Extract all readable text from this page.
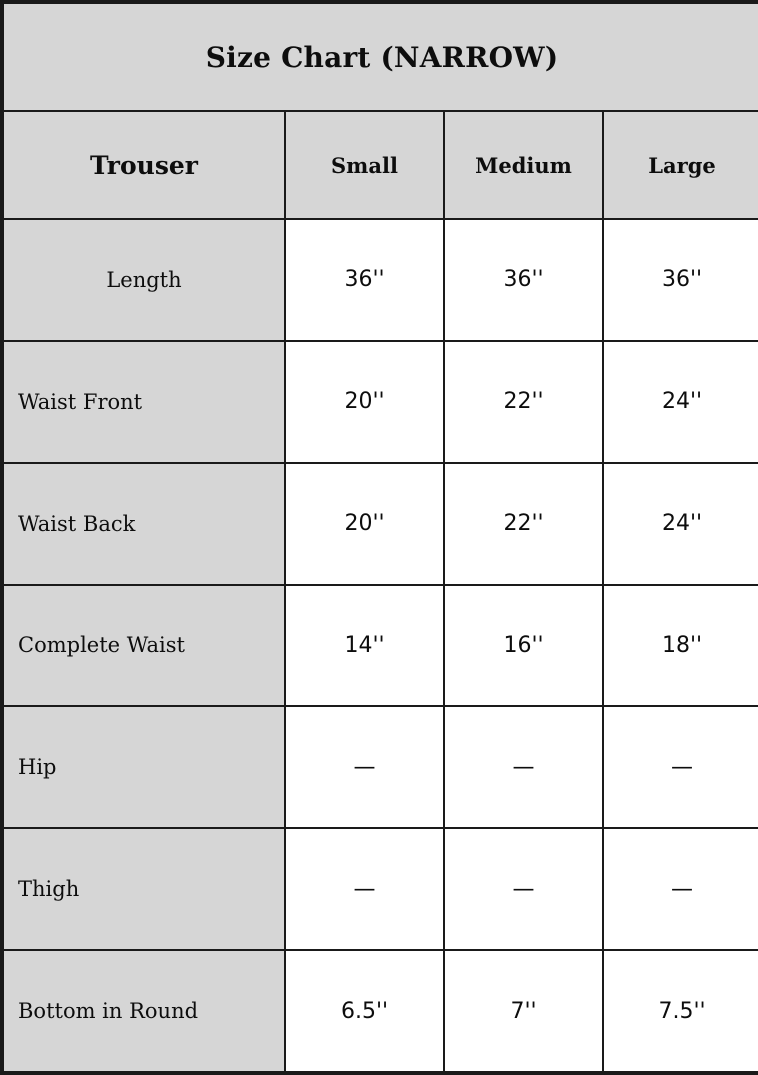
Size Chart (NARROW)			
Trouser	Small	Medium	Large
Length	36''	36''	36''
Waist Front	20''	22''	24''
Waist Back	20''	22''	24''
Complete Waist	14''	16''	18''
Hip	—	—	—
Thigh	—	—	—
Bottom in Round	6.5''	7''	7.5''
